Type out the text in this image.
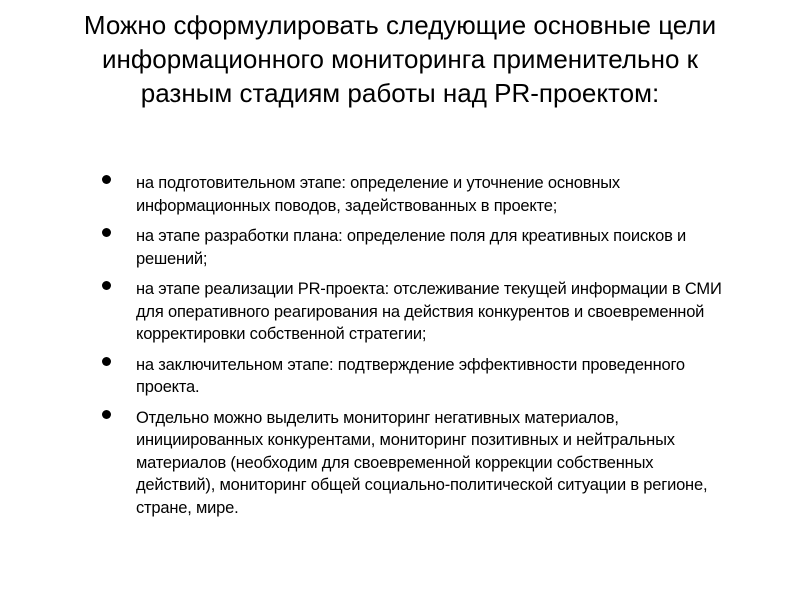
Можно сформулировать следующие основные цели информационного мониторинга применительно к разным стадиям работы над PR-проектом:
на подготовительном этапе: определение и уточнение основных информационных поводов, задействованных в проекте;
на этапе разработки плана: определение поля для креативных поисков и решений;
на этапе реализации PR-проекта: отслеживание текущей информации в СМИ для оперативного реагирования на действия конкурентов и своевременной корректировки собственной стратегии;
на заключительном этапе: подтверждение эффективности проведенного проекта.
Отдельно можно выделить мониторинг негативных материалов, инициированных конкурентами, мониторинг позитивных и нейтральных материалов (необходим для своевременной коррекции собственных действий), мониторинг общей социально-политической ситуации в регионе, стране, мире.
